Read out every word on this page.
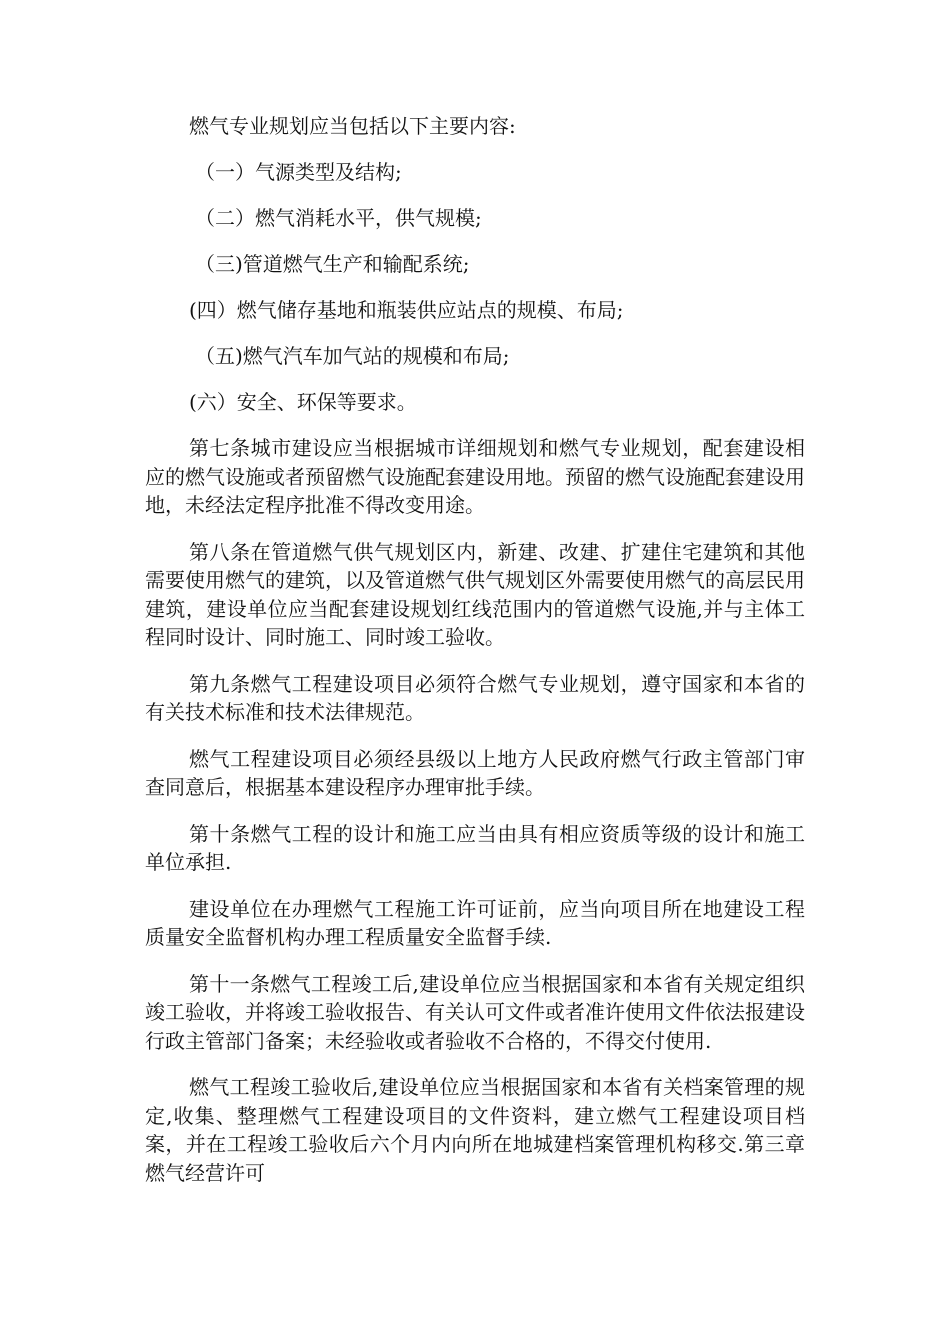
燃气专业规划应当包括以下主要内容:

（一）气源类型及结构;

（二）燃气消耗水平，供气规模;

（三)管道燃气生产和输配系统;

(四）燃气储存基地和瓶装供应站点的规模、布局;

（五)燃气汽车加气站的规模和布局;

(六）安全、环保等要求。

第七条城市建设应当根据城市详细规划和燃气专业规划，配套建设相应的燃气设施或者预留燃气设施配套建设用地。预留的燃气设施配套建设用地，未经法定程序批准不得改变用途。

第八条在管道燃气供气规划区内，新建、改建、扩建住宅建筑和其他需要使用燃气的建筑，以及管道燃气供气规划区外需要使用燃气的高层民用建筑，建设单位应当配套建设规划红线范围内的管道燃气设施,并与主体工程同时设计、同时施工、同时竣工验收。

第九条燃气工程建设项目必须符合燃气专业规划，遵守国家和本省的有关技术标准和技术法律规范。

燃气工程建设项目必须经县级以上地方人民政府燃气行政主管部门审查同意后，根据基本建设程序办理审批手续。

第十条燃气工程的设计和施工应当由具有相应资质等级的设计和施工单位承担.

建设单位在办理燃气工程施工许可证前，应当向项目所在地建设工程质量安全监督机构办理工程质量安全监督手续.

第十一条燃气工程竣工后,建设单位应当根据国家和本省有关规定组织竣工验收，并将竣工验收报告、有关认可文件或者准许使用文件依法报建设行政主管部门备案；未经验收或者验收不合格的，不得交付使用.

燃气工程竣工验收后,建设单位应当根据国家和本省有关档案管理的规定,收集、整理燃气工程建设项目的文件资料，建立燃气工程建设项目档案，并在工程竣工验收后六个月内向所在地城建档案管理机构移交.第三章燃气经营许可
